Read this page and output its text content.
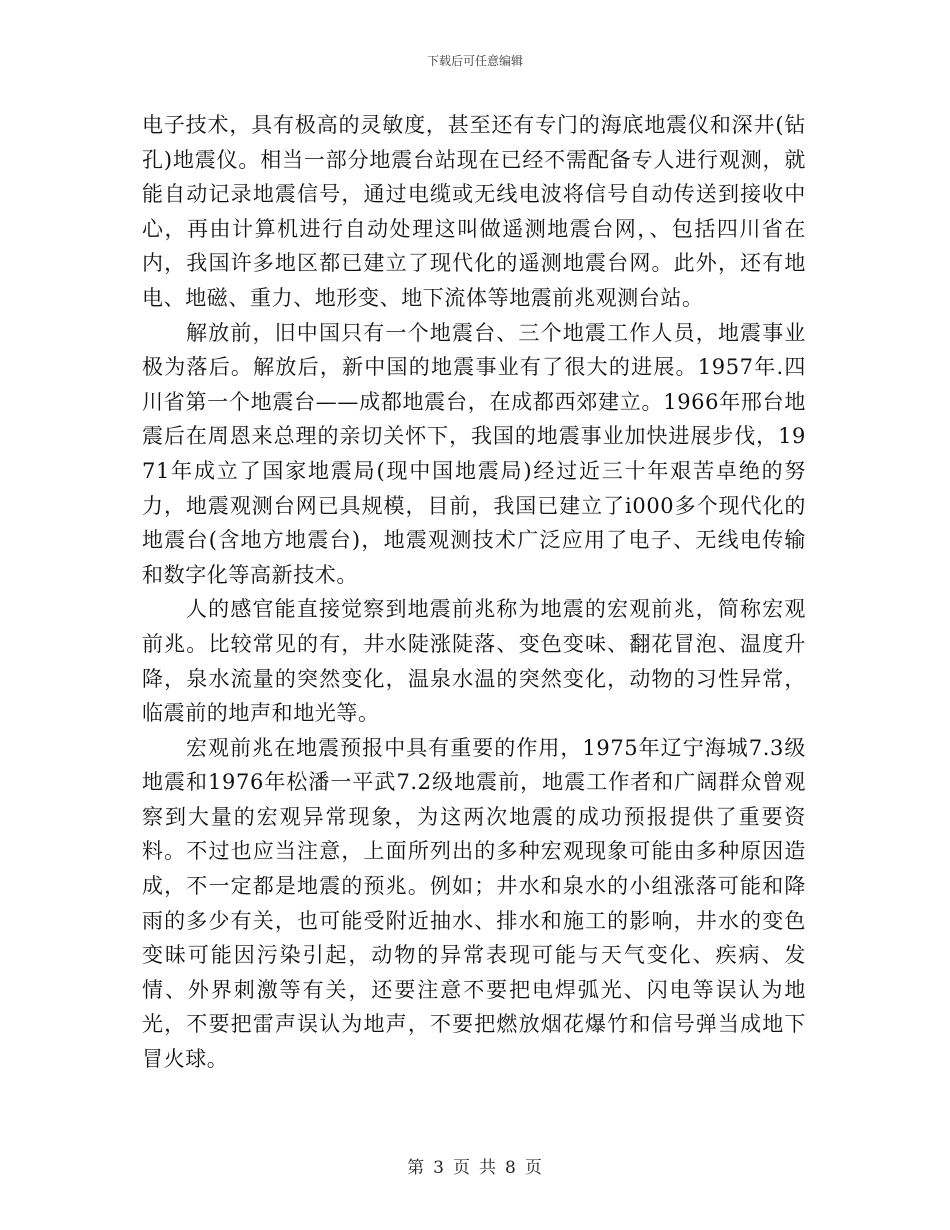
下载后可任意编辑

电子技术，具有极高的灵敏度，甚至还有专门的海底地震仪和深井(钻孔)地震仪。相当一部分地震台站现在已经不需配备专人进行观测，就能自动记录地震信号，通过电缆或无线电波将信号自动传送到接收中心，再由计算机进行自动处理这叫做遥测地震台网，、包括四川省在内，我国许多地区都已建立了现代化的遥测地震台网。此外，还有地电、地磁、重力、地形变、地下流体等地震前兆观测台站。

解放前，旧中国只有一个地震台、三个地震工作人员，地震事业极为落后。解放后，新中国的地震事业有了很大的进展。1957年.四川省第一个地震台——成都地震台，在成都西郊建立。1966年邢台地震后在周恩来总理的亲切关怀下，我国的地震事业加快进展步伐，1971年成立了国家地震局(现中国地震局)经过近三十年艰苦卓绝的努力，地震观测台网已具规模，目前，我国已建立了i000多个现代化的地震台(含地方地震台)，地震观测技术广泛应用了电子、无线电传输和数字化等高新技术。

人的感官能直接觉察到地震前兆称为地震的宏观前兆，简称宏观前兆。比较常见的有，井水陡涨陡落、变色变味、翻花冒泡、温度升降，泉水流量的突然变化，温泉水温的突然变化，动物的习性异常，临震前的地声和地光等。

宏观前兆在地震预报中具有重要的作用，1975年辽宁海城7.3级地震和1976年松潘一平武7.2级地震前，地震工作者和广阔群众曾观察到大量的宏观异常现象，为这两次地震的成功预报提供了重要资料。不过也应当注意，上面所列出的多种宏观现象可能由多种原因造成，不一定都是地震的预兆。例如；井水和泉水的小组涨落可能和降雨的多少有关，也可能受附近抽水、排水和施工的影响，井水的变色变昧可能因污染引起，动物的异常表现可能与天气变化、疾病、发情、外界刺激等有关，还要注意不要把电焊弧光、闪电等误认为地光，不要把雷声误认为地声，不要把燃放烟花爆竹和信号弹当成地下冒火球。

第 3 页 共 8 页
